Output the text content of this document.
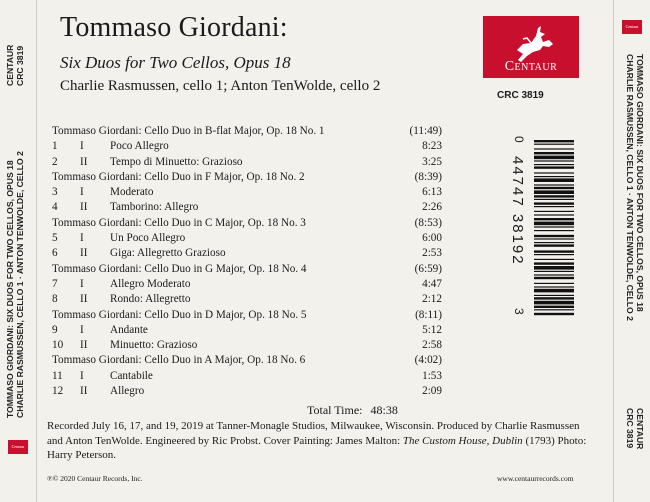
TOMMASO GIORDANI: SIX DUOS FOR TWO CELLOS, OPUS 18 CHARLIE RASMUSSEN, CELLO 1 · ANTON TENWOLDE, CELLO 2
CENTAUR CRC 3819
Centaur
Tommaso Giordani:
Six Duos for Two Cellos, Opus 18
Charlie Rasmussen, cello 1; Anton TenWolde, cello 2
Centaur
CRC 3819
0
44747 38192
3
Tommaso Giordani: Cello Duo in B-flat Major, Op. 18 No. 1	(11:49)
1 I Poco Allegro	8:23
2 II Tempo di Minuetto: Grazioso	3:25
Tommaso Giordani: Cello Duo in F Major, Op. 18 No. 2	(8:39)
3 I Moderato	6:13
4 II Tamborino: Allegro	2:26
Tommaso Giordani: Cello Duo in C Major, Op. 18 No. 3	(8:53)
5 I Un Poco Allegro	6:00
6 II Giga: Allegretto Grazioso	2:53
Tommaso Giordani: Cello Duo in G Major, Op. 18 No. 4	(6:59)
7 I Allegro Moderato	4:47
8 II Rondo: Allegretto	2:12
Tommaso Giordani: Cello Duo in D Major, Op. 18 No. 5	(8:11)
9 I Andante	5:12
10 II Minuetto: Grazioso	2:58
Tommaso Giordani: Cello Duo in A Major, Op. 18 No. 6	(4:02)
11 I Cantabile	1:53
12 II Allegro	2:09
Total Time: 48:38
Recorded July 16, 17, and 19, 2019 at Tanner-Monagle Studios, Milwaukee, Wisconsin. Produced by Charlie Rasmussen and Anton TenWolde. Engineered by Ric Probst. Cover Painting: James Malton: The Custom House, Dublin (1793) Photo: Harry Peterson.
℗© 2020 Centaur Records, Inc.	www.centaurrecords.com
TOMMASO GIORDANI: SIX DUOS FOR TWO CELLOS, OPUS 18
CHARLIE RASMUSSEN, CELLO 1 · ANTON TENWOLDE, CELLO 2
Centaur
CENTAUR
CRC 3819
